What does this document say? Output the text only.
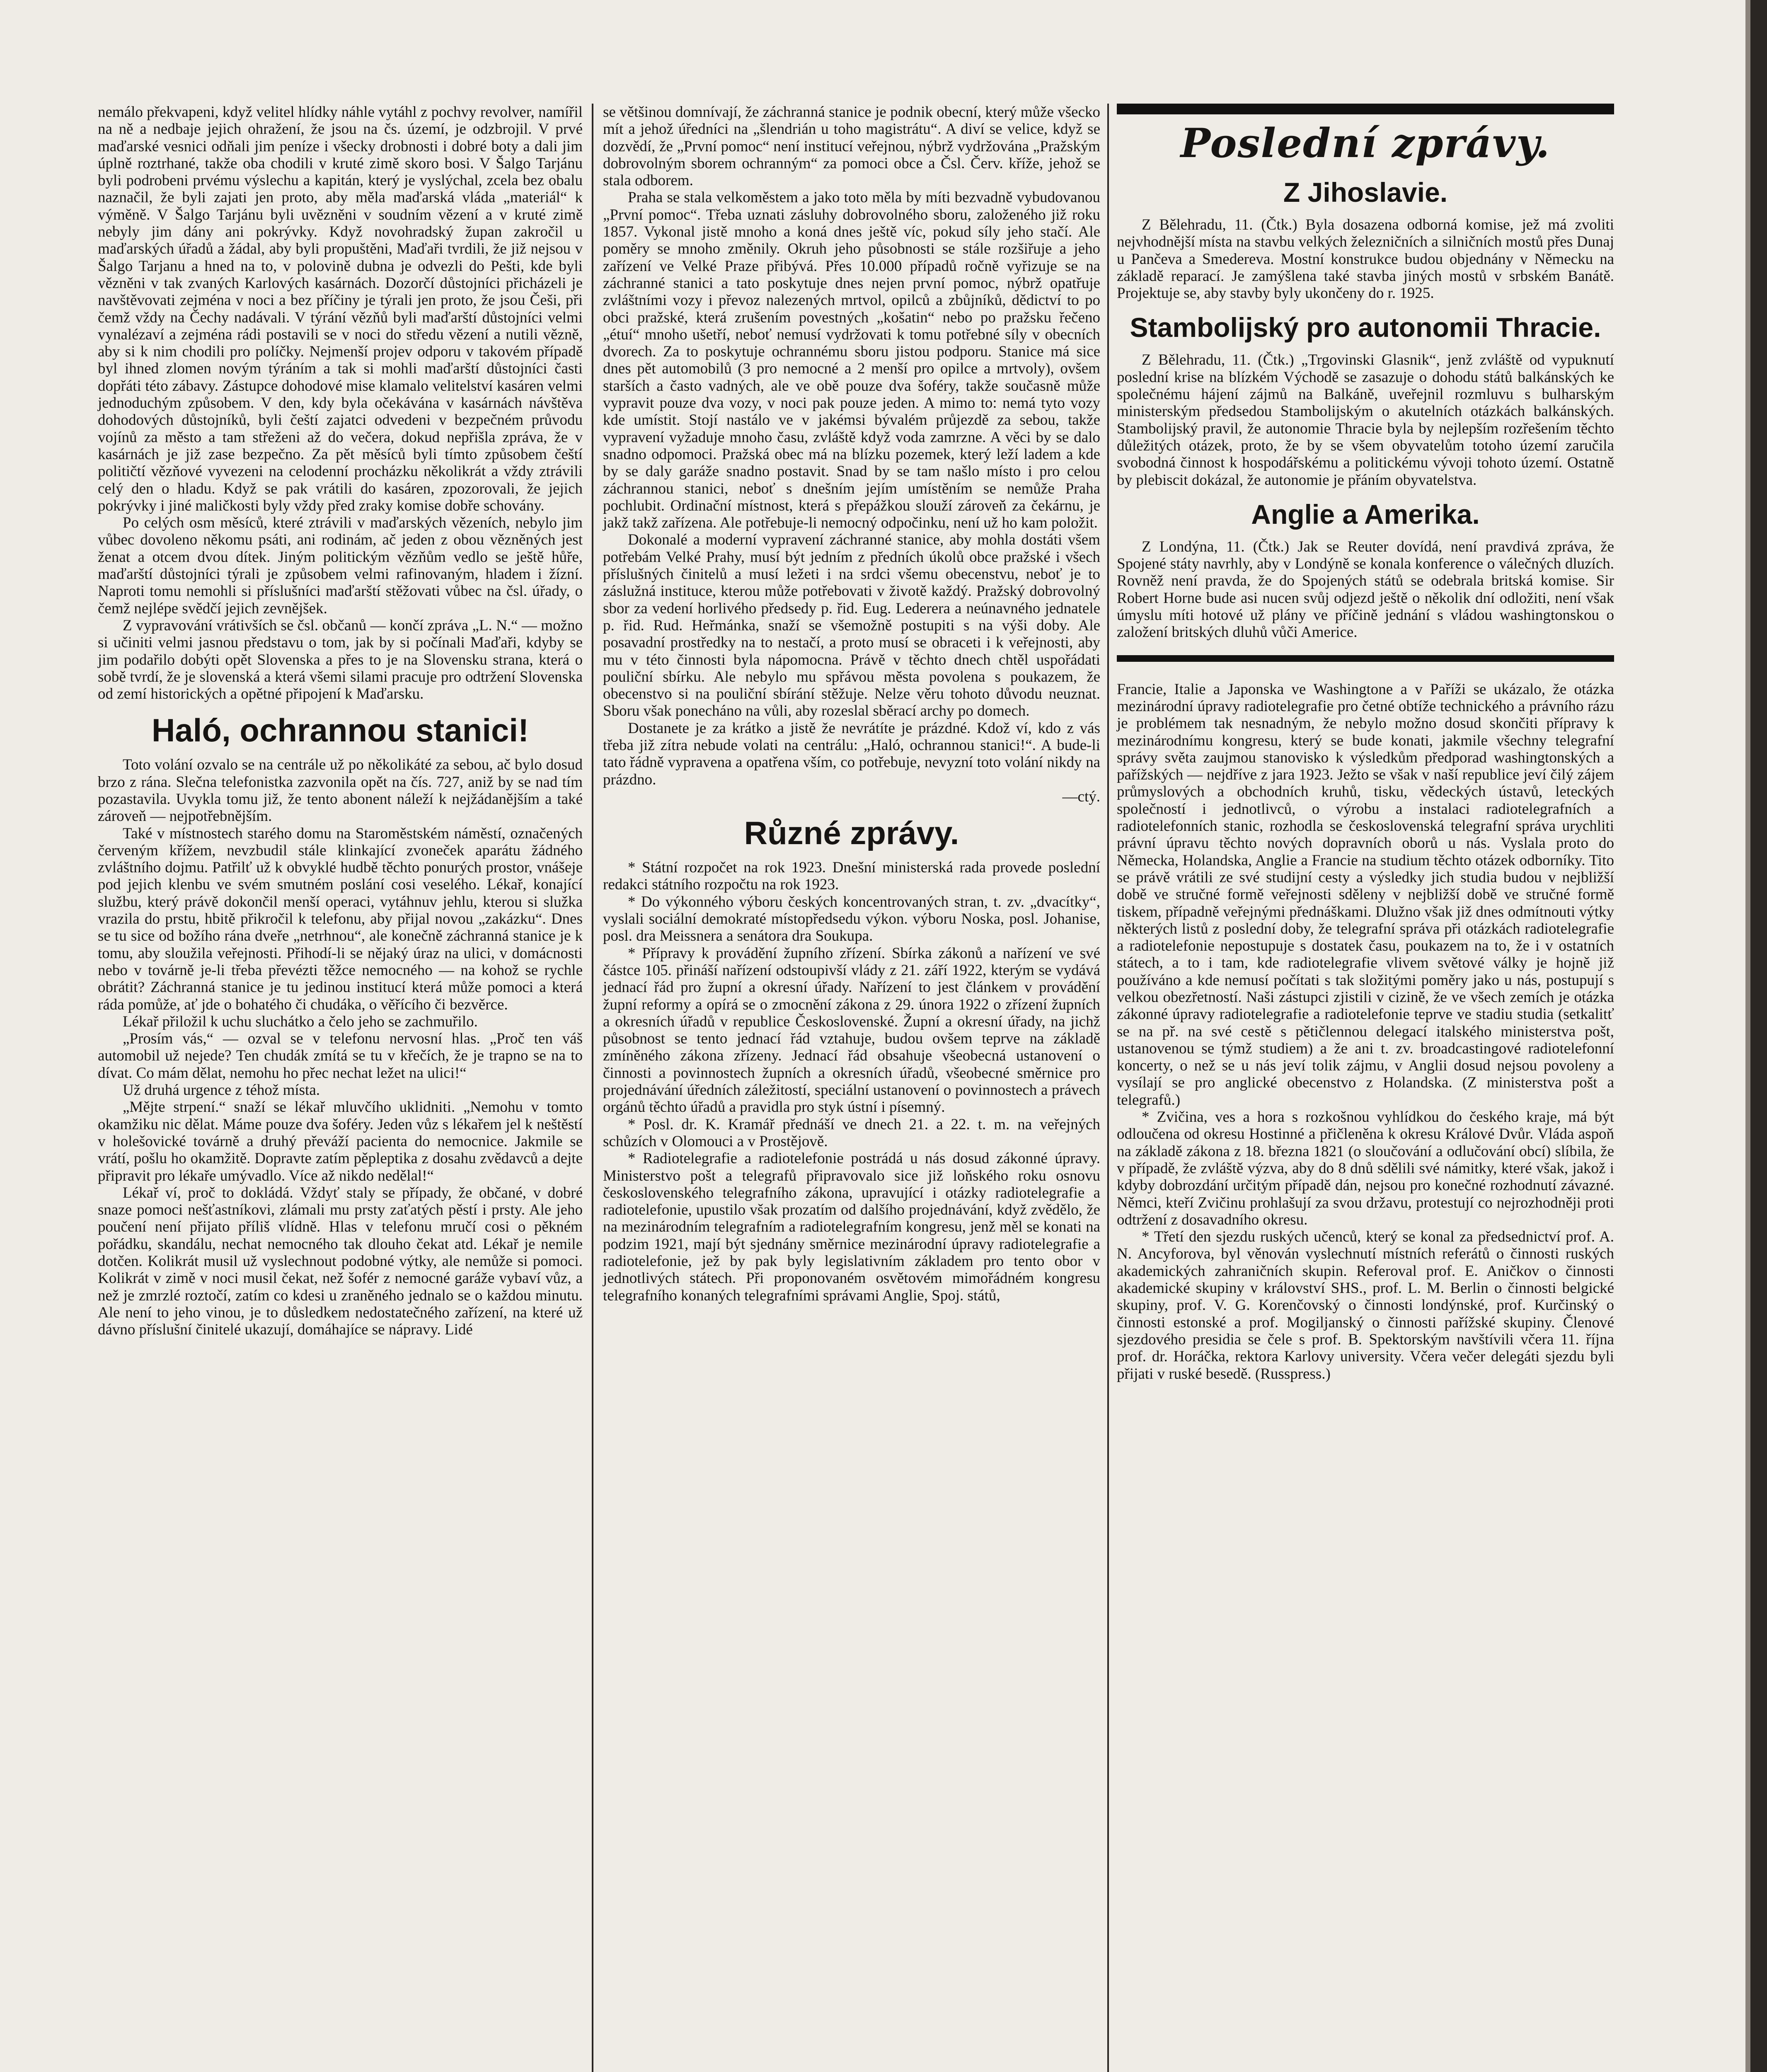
nemálo překvapeni, když velitel hlídky náhle vytáhl z pochvy revolver, namířil na ně a nedbaje jejich ohražení, že jsou na čs. území, je odzbrojil. V prvé maďarské vesnici odňali jim peníze i všecky drobnosti i dobré boty a dali jim úplně roztrhané, takže oba chodili v kruté zimě skoro bosi. V Šalgo Tarjánu byli podrobeni prvému výslechu a kapitán, který je vyslýchal, zcela bez obalu naznačil, že byli zajati jen proto, aby měla maďarská vláda „materiál“ k výměně. V Šalgo Tarjánu byli uvězněni v soudním vězení a v kruté zimě nebyly jim dány ani pokrývky. Když novohradský župan zakročil u maďarských úřadů a žádal, aby byli propuštěni, Maďaři tvrdili, že již nejsou v Šalgo Tarjanu a hned na to, v polovině dubna je odvezli do Pešti, kde byli vězněni v tak zvaných Karlových kasárnách. Dozorčí důstojníci přicházeli je navštěvovati zejména v noci a bez příčiny je týrali jen proto, že jsou Češi, při čemž vždy na Čechy nadávali. V týrání vězňů byli maďarští důstojníci velmi vynalézaví a zejména rádi postavili se v noci do středu vězení a nutili vězně, aby si k nim chodili pro políčky. Nejmenší projev odporu v takovém případě byl ihned zlomen novým týráním a tak si mohli maďarští důstojníci časti dopřáti této zábavy. Zástupce dohodové mise klamalo velitelství kasáren velmi jednoduchým způsobem. V den, kdy byla očekávána v kasárnách návštěva dohodových důstojníků, byli čeští zajatci odvedeni v bezpečném průvodu vojínů za město a tam střeženi až do večera, dokud nepřišla zpráva, že v kasárnách je již zase bezpečno. Za pět měsíců byli tímto způsobem čeští političtí vězňové vyvezeni na celodenní procházku několikrát a vždy ztrávili celý den o hladu. Když se pak vrátili do kasáren, zpozorovali, že jejich pokrývky i jiné maličkosti byly vždy před zraky komise dobře schovány.

Po celých osm měsíců, které ztrávili v maďarských vězeních, nebylo jim vůbec dovoleno někomu psáti, ani rodinám, ač jeden z obou vězněných jest ženat a otcem dvou dítek. Jiným politickým vězňům vedlo se ještě hůře, maďarští důstojníci týrali je způsobem velmi rafinovaným, hladem i žízní. Naproti tomu nemohli si příslušníci maďarští stěžovati vůbec na čsl. úřady, o čemž nejlépe svědčí jejich zevnějšek.

Z vypravování vrátivších se čsl. občanů — končí zpráva „L. N.“ — možno si učiniti velmi jasnou představu o tom, jak by si počínali Maďaři, kdyby se jim podařilo dobýti opět Slovenska a přes to je na Slovensku strana, která o sobě tvrdí, že je slovenská a která všemi silami pracuje pro odtržení Slovenska od zemí historických a opětné připojení k Maďarsku.

Haló, ochrannou stanici!

Toto volání ozvalo se na centrále už po několikáté za sebou, ač bylo dosud brzo z rána. Slečna telefonistka zazvonila opět na čís. 727, aniž by se nad tím pozastavila. Uvykla tomu již, že tento abonent náleží k nejžádanějším a také zároveň — nejpotřebnějším.

Také v místnostech starého domu na Staroměstském náměstí, označených červeným křížem, nevzbudil stále klinkající zvoneček aparátu žádného zvláštního dojmu. Patřilť už k obvyklé hudbě těchto ponurých prostor, vnášeje pod jejich klenbu ve svém smutném poslání cosi veselého. Lékař, konající službu, který právě dokončil menší operaci, vytáhnuv jehlu, kterou si služka vrazila do prstu, hbitě přikročil k telefonu, aby přijal novou „zakázku“. Dnes se tu sice od božího rána dveře „netrhnou“, ale konečně záchranná stanice je k tomu, aby sloužila veřejnosti. Přihodí-li se nějaký úraz na ulici, v domácnosti nebo v továrně je-li třeba převézti těžce nemocného — na kohož se rychle obrátit? Záchranná stanice je tu jedinou institucí která může pomoci a která ráda pomůže, ať jde o bohatého či chudáka, o věřícího či bezvěrce.

Lékař přiložil k uchu sluchátko a čelo jeho se zachmuřilo.

„Prosím vás,“ — ozval se v telefonu nervosní hlas. „Proč ten váš automobil už nejede? Ten chudák zmítá se tu v křečích, že je trapno se na to dívat. Co mám dělat, nemohu ho přec nechat ležet na ulici!“

Už druhá urgence z téhož místa.

„Mějte strpení.“ snaží se lékař mluvčího uklidniti. „Nemohu v tomto okamžiku nic dělat. Máme pouze dva šoféry. Jeden vůz s lékařem jel k neštěstí v holešovické továrně a druhý převáží pacienta do nemocnice. Jakmile se vrátí, pošlu ho okamžitě. Dopravte zatím pěpleptika z dosahu zvědavců a dejte připravit pro lékaře umývadlo. Více až nikdo nedělal!“

Lékař ví, proč to dokládá. Vždyť staly se případy, že občané, v dobré snaze pomoci nešťastníkovi, zlámali mu prsty zaťatých pěstí i prsty. Ale jeho poučení není přijato příliš vlídně. Hlas v telefonu mručí cosi o pěkném pořádku, skandálu, nechat nemocného tak dlouho čekat atd. Lékař je nemile dotčen. Kolikrát musil už vyslechnout podobné výtky, ale nemůže si pomoci. Kolikrát v zimě v noci musil čekat, než šofér z nemocné garáže vybaví vůz, a než je zmrzlé roztočí, zatím co kdesi u zraněného jednalo se o každou minutu. Ale není to jeho vinou, je to důsledkem nedostatečného zařízení, na které už dávno příslušní činitelé ukazují, domáhajíce se nápravy. Lidé

se většinou domnívají, že záchranná stanice je podnik obecní, který může všecko mít a jehož úředníci na „šlendrián u toho magistrátu“. A diví se velice, když se dozvědí, že „První pomoc“ není institucí veřejnou, nýbrž vydržována „Pražským dobrovolným sborem ochranným“ za pomoci obce a Čsl. Červ. kříže, jehož se stala odborem.

Praha se stala velkoměstem a jako toto měla by míti bezvadně vybudovanou „První pomoc“. Třeba uznati zásluhy dobrovolného sboru, založeného již roku 1857. Vykonal jistě mnoho a koná dnes ještě víc, pokud síly jeho stačí. Ale poměry se mnoho změnily. Okruh jeho působnosti se stále rozšiřuje a jeho zařízení ve Velké Praze přibývá. Přes 10.000 případů ročně vyřizuje se na záchranné stanici a tato poskytuje dnes nejen první pomoc, nýbrž opatřuje zvláštními vozy i převoz nalezených mrtvol, opilců a zbůjníků, dědictví to po obci pražské, která zrušením povestných „košatin“ nebo po pražsku řečeno „étuí“ mnoho ušetří, neboť nemusí vydržovati k tomu potřebné síly v obecních dvorech. Za to poskytuje ochrannému sboru jistou podporu. Stanice má sice dnes pět automobilů (3 pro nemocné a 2 menší pro opilce a mrtvoly), ovšem starších a často vadných, ale ve obě pouze dva šoféry, takže současně může vypravit pouze dva vozy, v noci pak pouze jeden. A mimo to: nemá tyto vozy kde umístit. Stojí nastálo ve v jakémsi bývalém průjezdě za sebou, takže vypravení vyžaduje mnoho času, zvláště když voda zamrzne. A věci by se dalo snadno odpomoci. Pražská obec má na blízku pozemek, který leží ladem a kde by se daly garáže snadno postavit. Snad by se tam našlo místo i pro celou záchrannou stanici, neboť s dnešním jejím umístěním se nemůže Praha pochlubit. Ordinační místnost, která s přepážkou slouží zároveň za čekárnu, je jakž takž zařízena. Ale potřebuje-li nemocný odpočinku, není už ho kam položit.

Dokonalé a moderní vypravení záchranné stanice, aby mohla dostáti všem potřebám Velké Prahy, musí být jedním z předních úkolů obce pražské i všech příslušných činitelů a musí ležeti i na srdci všemu obecenstvu, neboť je to záslužná instituce, kterou může potřebovati v životě každý. Pražský dobrovolný sbor za vedení horlivého předsedy p. řid. Eug. Lederera a neúnavného jednatele p. řid. Rud. Heřmánka, snaží se všemožně postupiti s na výši doby. Ale posavadní prostředky na to nestačí, a proto musí se obraceti i k veřejnosti, aby mu v této činnosti byla nápomocna. Právě v těchto dnech chtěl uspořádati pouliční sbírku. Ale nebylo mu spřávou města povolena s poukazem, že obecenstvo si na pouliční sbírání stěžuje. Nelze věru tohoto důvodu neuznat. Sboru však ponecháno na vůli, aby rozeslal sběrací archy po domech.

Dostanete je za krátko a jistě že nevrátíte je prázdné. Kdož ví, kdo z vás třeba již zítra nebude volati na centrálu: „Haló, ochrannou stanici!“. A bude-li tato řádně vypravena a opatřena vším, co potřebuje, nevyzní toto volání nikdy na prázdno.

—ctý.

Různé zprávy.

* Státní rozpočet na rok 1923. Dnešní ministerská rada provede poslední redakci státního rozpočtu na rok 1923.

* Do výkonného výboru českých koncentrovaných stran, t. zv. „dvacítky“, vyslali sociální demokraté místopředsedu výkon. výboru Noska, posl. Johanise, posl. dra Meissnera a senátora dra Soukupa.

* Přípravy k provádění župního zřízení. Sbírka zákonů a nařízení ve své částce 105. přináší nařízení odstoupivší vlády z 21. září 1922, kterým se vydává jednací řád pro župní a okresní úřady. Nařízení to jest článkem v provádění župní reformy a opírá se o zmocnění zákona z 29. února 1922 o zřízení župních a okresních úřadů v republice Československé. Župní a okresní úřady, na jichž působnost se tento jednací řád vztahuje, budou ovšem teprve na základě zmíněného zákona zřízeny. Jednací řád obsahuje všeobecná ustanovení o činnosti a povinnostech župních a okresních úřadů, všeobecné směrnice pro projednávání úředních záležitostí, speciální ustanovení o povinnostech a právech orgánů těchto úřadů a pravidla pro styk ústní i písemný.

* Posl. dr. K. Kramář přednáší ve dnech 21. a 22. t. m. na veřejných schůzích v Olomouci a v Prostějově.

* Radiotelegrafie a radiotelefonie postrádá u nás dosud zákonné úpravy. Ministerstvo pošt a telegrafů připravovalo sice již loňského roku osnovu československého telegrafního zákona, upravující i otázky radiotelegrafie a radiotelefonie, upustilo však prozatím od dalšího projednávání, když zvědělo, že na mezinárodním telegrafním a radiotelegrafním kongresu, jenž měl se konati na podzim 1921, mají být sjednány směrnice mezinárodní úpravy radiotelegrafie a radiotelefonie, jež by pak byly legislativním základem pro tento obor v jednotlivých státech. Při proponovaném osvětovém mimořádném kongresu telegrafního konaných telegrafními správami Anglie, Spoj. států,

Poslední zprávy.
Z Jihoslavie.

Z Bělehradu, 11. (Čtk.) Byla dosazena odborná komise, jež má zvoliti nejvhodnější místa na stavbu velkých železničních a silničních mostů přes Dunaj u Pančeva a Smedereva. Mostní konstrukce budou objednány v Německu na základě reparací. Je zamýšlena také stavba jiných mostů v srbském Banátě. Projektuje se, aby stavby byly ukončeny do r. 1925.

Stambolijský pro autonomii Thracie.

Z Bělehradu, 11. (Čtk.) „Trgovinski Glasnik“, jenž zvláště od vypuknutí poslední krise na blízkém Východě se zasazuje o dohodu států balkánských ke společnému hájení zájmů na Balkáně, uveřejnil rozmluvu s bulharským ministerským předsedou Stambolijským o akutelních otázkách balkánských. Stambolijský pravil, že autonomie Thracie byla by nejlepším rozřešením těchto důležitých otázek, proto, že by se všem obyvatelům totoho území zaručila svobodná činnost k hospodářskému a politickému vývoji tohoto území. Ostatně by plebiscit dokázal, že autonomie je přáním obyvatelstva.

Anglie a Amerika.

Z Londýna, 11. (Čtk.) Jak se Reuter dovídá, není pravdivá zpráva, že Spojené státy navrhly, aby v Londýně se konala konference o válečných dluzích. Rovněž není pravda, že do Spojených států se odebrala britská komise. Sir Robert Horne bude asi nucen svůj odjezd ještě o několik dní odložiti, není však úmyslu míti hotové už plány ve příčině jednání s vládou washingtonskou o založení britských dluhů vůči Americe.

Francie, Italie a Japonska ve Washingtone a v Paříži se ukázalo, že otázka mezinárodní úpravy radiotelegrafie pro četné obtíže technického a právního rázu je problémem tak nesnadným, že nebylo možno dosud skončiti přípravy k mezinárodnímu kongresu, který se bude konati, jakmile všechny telegrafní správy světa zaujmou stanovisko k výsledkům předporad washingtonských a pařížských — nejdříve z jara 1923. Ježto se však v naší republice jeví čilý zájem průmyslových a obchodních kruhů, tisku, vědeckých ústavů, leteckých společností i jednotlivců, o výrobu a instalaci radiotelegrafních a radiotelefonních stanic, rozhodla se československá telegrafní správa urychliti právní úpravu těchto nových dopravních oborů u nás. Vyslala proto do Německa, Holandska, Anglie a Francie na studium těchto otázek odborníky. Tito se právě vrátili ze své studijní cesty a výsledky jich studia budou v nejbližší době ve stručné formě veřejnosti sděleny v nejbližší době ve stručné formě tiskem, případně veřejnými přednáškami. Dlužno však již dnes odmítnouti výtky některých listů z poslední doby, že telegrafní správa při otázkách radiotelegrafie a radiotelefonie nepostupuje s dostatek času, poukazem na to, že i v ostatních státech, a to i tam, kde radiotelegrafie vlivem světové války je hojně již používáno a kde nemusí počítati s tak složitými poměry jako u nás, postupují s velkou obezřetností. Naši zástupci zjistili v cizině, že ve všech zemích je otázka zákonné úpravy radiotelegrafie a radiotelefonie teprve ve stadiu studia (setkalitť se na př. na své cestě s pětičlennou delegací italského ministerstva pošt, ustanovenou se týmž studiem) a že ani t. zv. broadcastingové radiotelefonní koncerty, o než se u nás jeví tolik zájmu, v Anglii dosud nejsou povoleny a vysílají se pro anglické obecenstvo z Holandska. (Z ministerstva pošt a telegrafů.)

* Zvičina, ves a hora s rozkošnou vyhlídkou do českého kraje, má být odloučena od okresu Hostinné a přičleněna k okresu Králové Dvůr. Vláda aspoň na základě zákona z 18. března 1821 (o sloučování a odlučování obcí) slíbila, že v případě, že zvláště výzva, aby do 8 dnů sdělili své námitky, které však, jakož i kdyby dobrozdání určitým případě dán, nejsou pro konečné rozhodnutí závazné. Němci, kteří Zvičinu prohlašují za svou državu, protestují co nejrozhodněji proti odtržení z dosavadního okresu.

* Třetí den sjezdu ruských učenců, který se konal za předsednictví prof. A. N. Ancyforova, byl věnován vyslechnutí místních referátů o činnosti ruských akademických zahraničních skupin. Referoval prof. E. Aničkov o činnosti akademické skupiny v království SHS., prof. L. M. Berlin o činnosti belgické skupiny, prof. V. G. Korenčovský o činnosti londýnské, prof. Kurčinský o činnosti estonské a prof. Mogiljanský o činnosti pařížské skupiny. Členové sjezdového presidia se čele s prof. B. Spektorským navštívili včera 11. října prof. dr. Horáčka, rektora Karlovy university. Včera večer delegáti sjezdu byli přijati v ruské besedě. (Russpress.)
